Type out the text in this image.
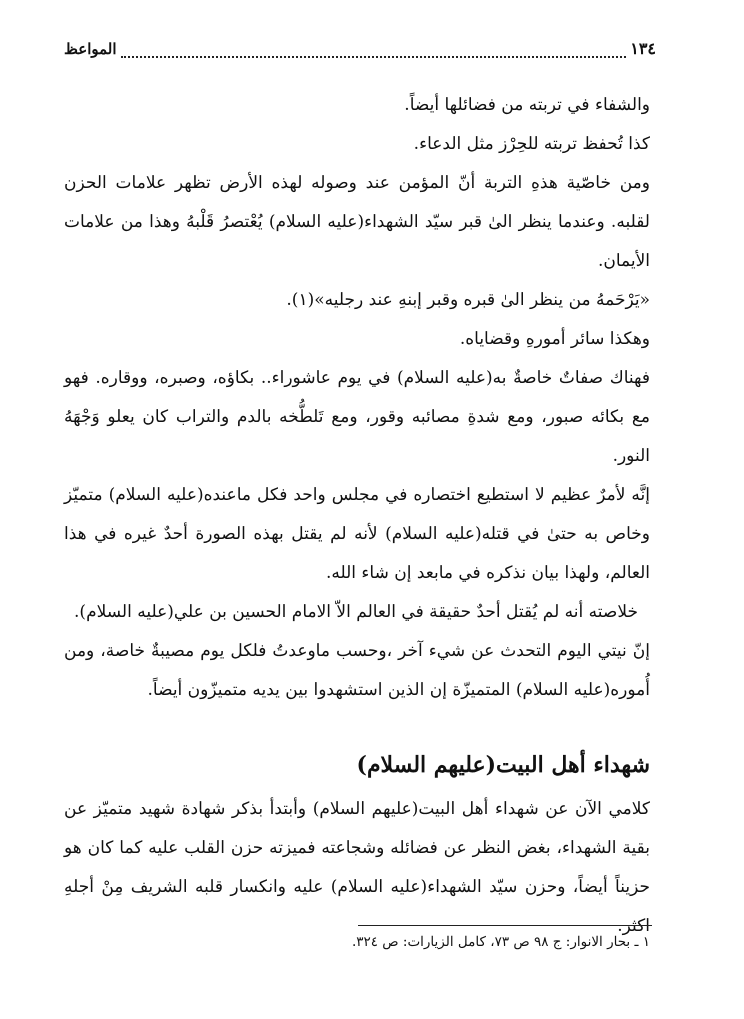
١٣٤
المواعظ

والشفاء في تربته من فضائلها أيضاً.

كذا تُحفظ تربته للحِرْز مثل الدعاء.

ومن خاصّية هذهِ التربة أنّ المؤمن عند وصوله لهذه الأرض تظهر علامات الحزن لقلبه. وعندما ينظر الىٰ قبر سيّد الشهداء(عليه السلام) يُعْتصرُ قَلْبهُ وهذا من علامات الأيمان.

«يَرْحَمهُ من ينظر الىٰ قبره وقبر إبنهِ عند رجليه»(١).

وهكذا سائر أمورهِ وقضاياه.

فهناك صفاتٌ خاصةٌ به(عليه السلام) في يوم عاشوراء.. بكاؤه، وصبره، ووقاره. فهو مع بكائه صبور، ومع شدةِ مصائبه وقور، ومع تَلطُّخه بالدم والتراب كان يعلو وَجْهَهُ النور.

إنَّه لأمرٌ عظيم لا استطيع اختصاره في مجلس واحد فكل ماعنده(عليه السلام) متميّز وخاص به حتىٰ في قتله(عليه السلام) لأنه لم يقتل بهذه الصورة أحدٌ غيره في هذا العالم، ولهذا بيان نذكره في مابعد إن شاء الله.

خلاصته أنه لم يُقتل أحدٌ حقيقة في العالم الاّ الامام الحسين بن علي(عليه السلام).

إنّ نيتي اليوم التحدث عن شيء آخر ،وحسب ماوعدتُ فلكل يوم مصيبةٌ خاصة، ومن أُموره(عليه السلام) المتميزّة إن الذين استشهدوا بين يديه متميزّون أيضاً.

شهداء أهل البيت(عليهم السلام)

كلامي الآن عن شهداء أهل البيت(عليهم السلام) وأبتدأ بذكر شهادة شهيد متميّز عن بقية الشهداء، بغض النظر عن فضائله وشجاعته فميزته حزن القلب عليه كما كان هو حزيناً أيضاً، وحزن سيّد الشهداء(عليه السلام) عليه وانكسار قلبه الشريف مِنْ أجلهِ اكثر.

١ ـ بحار الانوار: ج ٩٨ ص ٧٣، كامل الزيارات: ص ٣٢٤.
